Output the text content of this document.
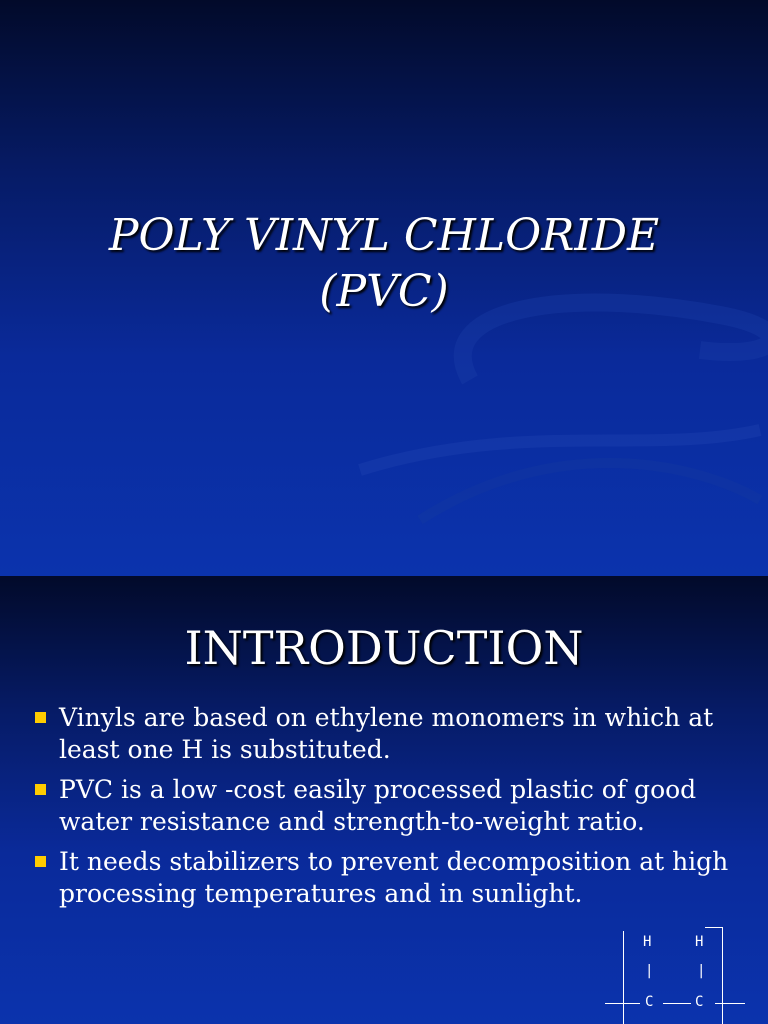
POLY VINYL CHLORIDE
(PVC)
INTRODUCTION
Vinyls are based on ethylene monomers in which at least one H is substituted.
PVC is a low -cost easily processed plastic of good water resistance and strength-to-weight ratio.
It needs stabilizers to prevent decomposition at high processing temperatures and in sunlight.
H	H
|	|
C	C
